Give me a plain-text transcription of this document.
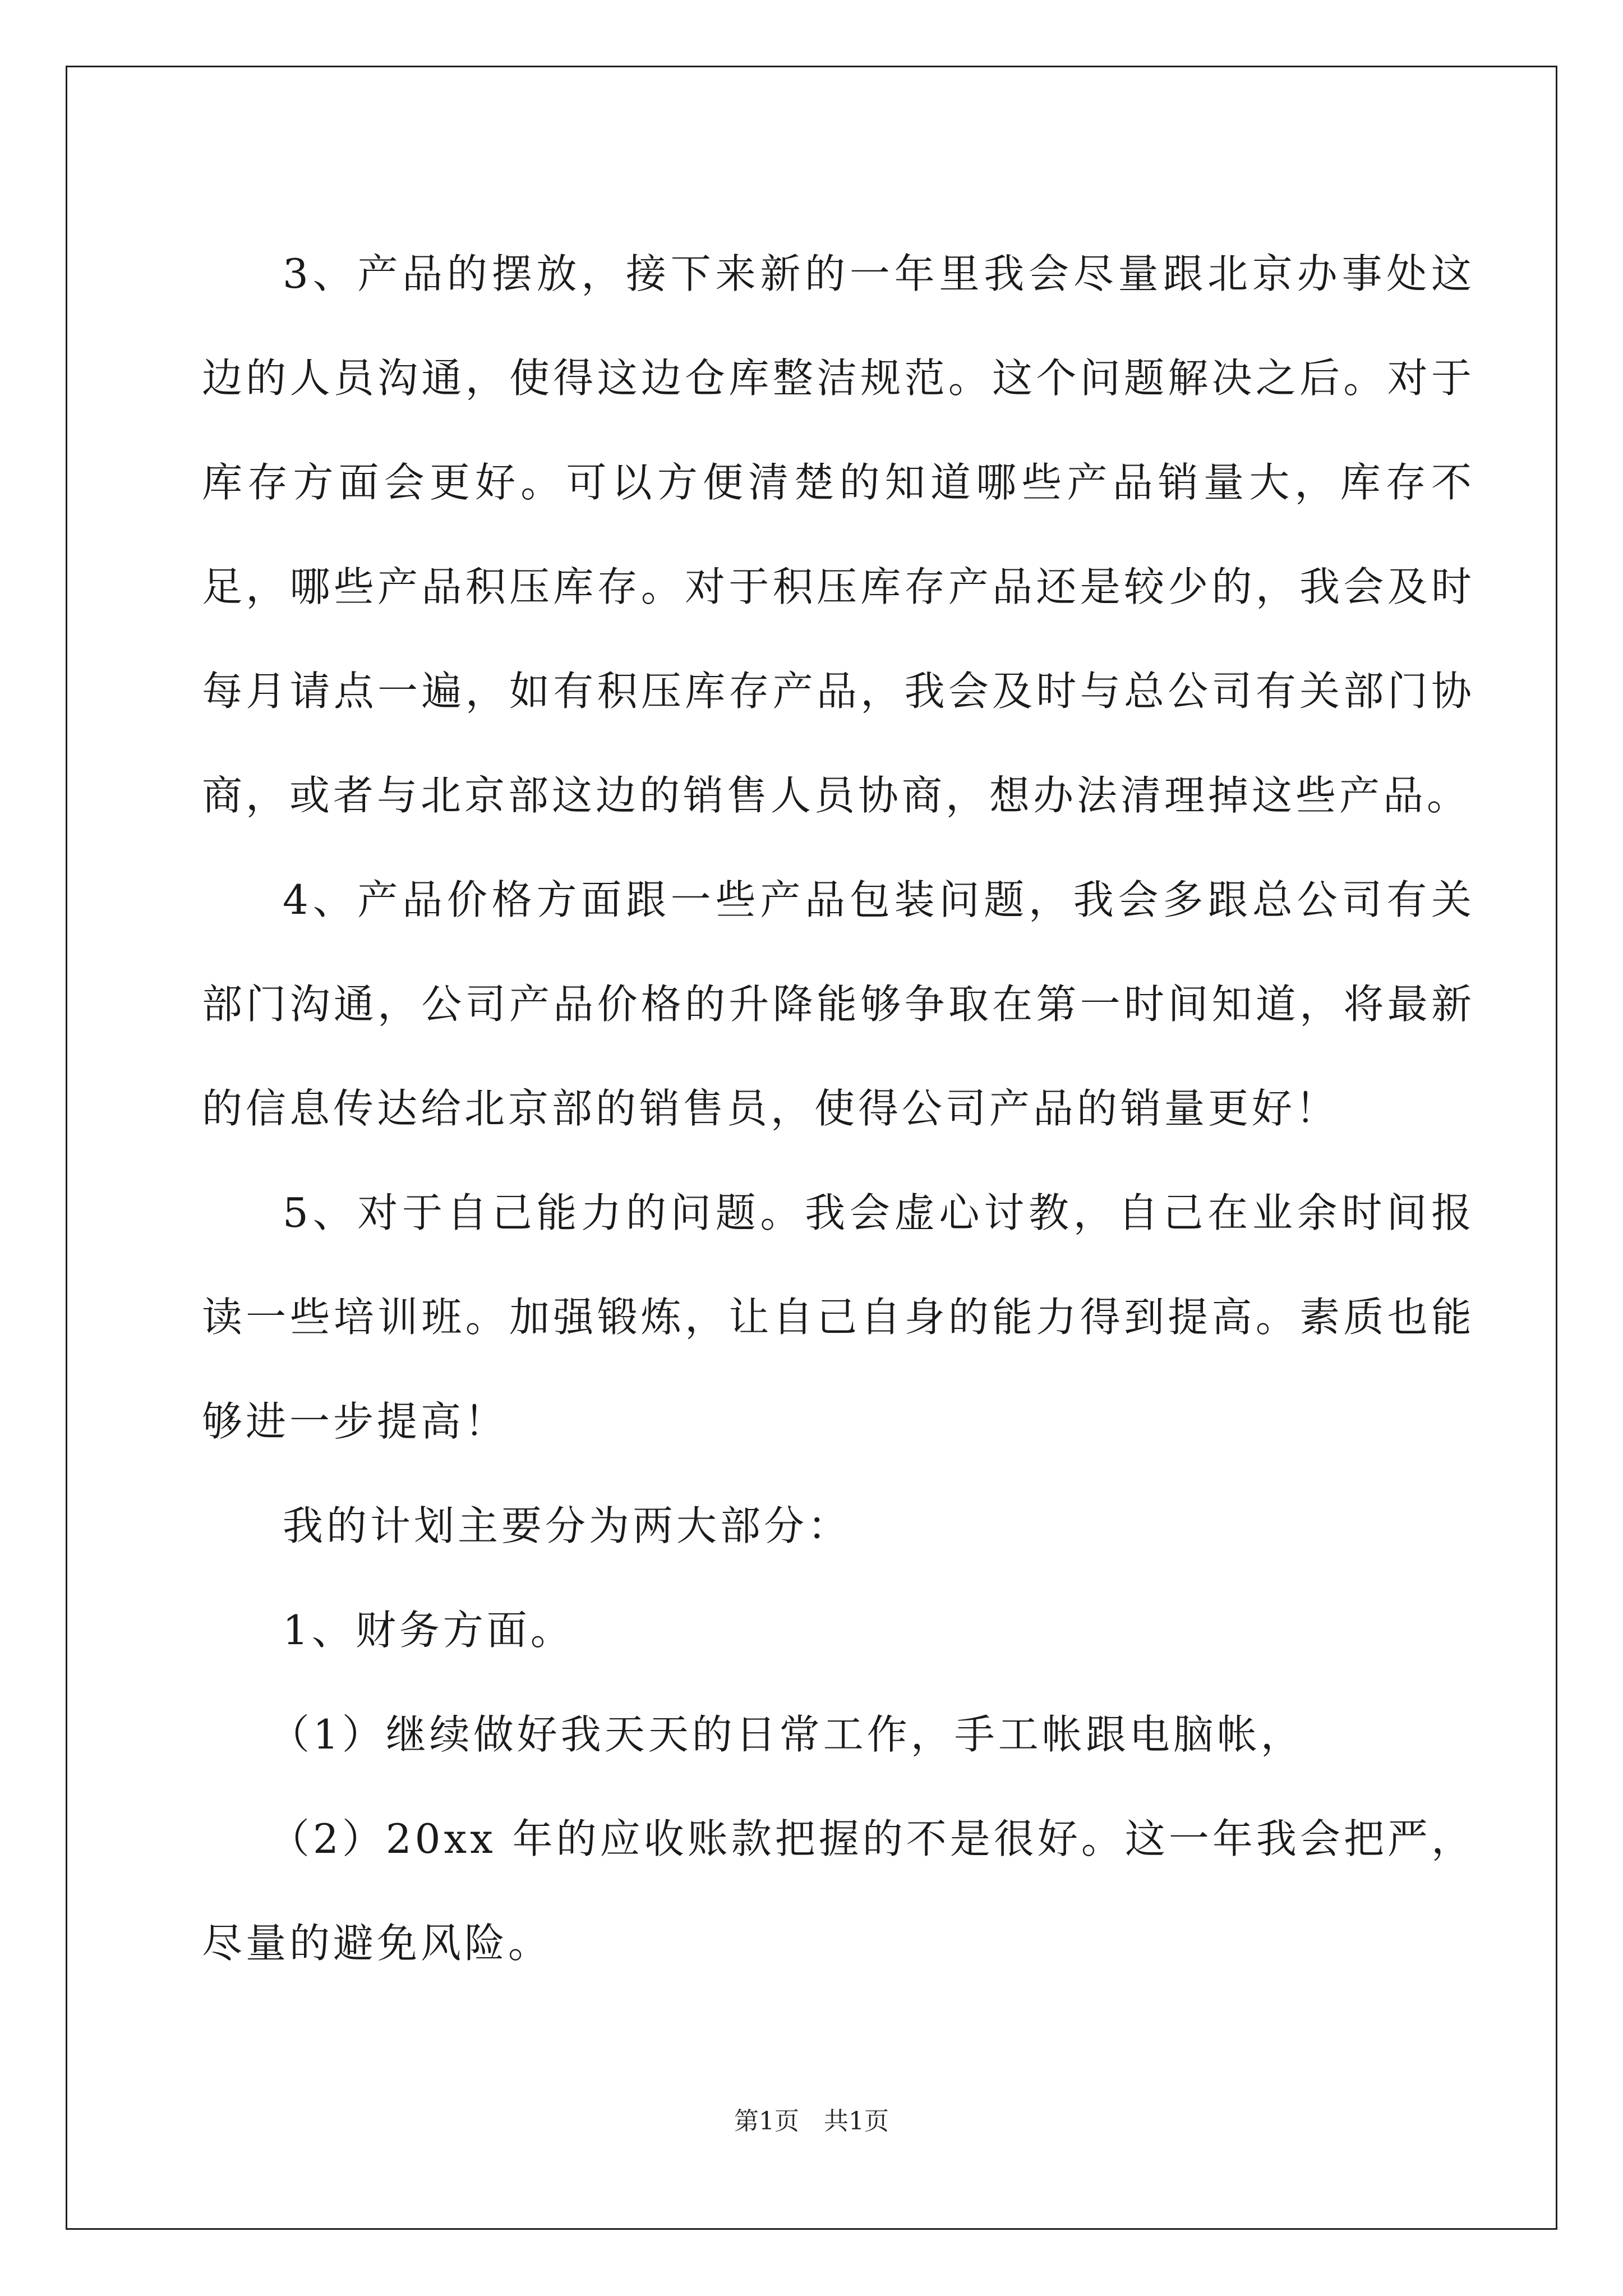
3、产品的摆放，接下来新的一年里我会尽量跟北京办事处这边的人员沟通，使得这边仓库整洁规范。这个问题解决之后。对于库存方面会更好。可以方便清楚的知道哪些产品销量大，库存不足，哪些产品积压库存。对于积压库存产品还是较少的，我会及时每月请点一遍，如有积压库存产品，我会及时与总公司有关部门协商，或者与北京部这边的销售人员协商，想办法清理掉这些产品。

4、产品价格方面跟一些产品包装问题，我会多跟总公司有关部门沟通，公司产品价格的升降能够争取在第一时间知道，将最新的信息传达给北京部的销售员，使得公司产品的销量更好！

5、对于自己能力的问题。我会虚心讨教，自己在业余时间报读一些培训班。加强锻炼，让自己自身的能力得到提高。素质也能够进一步提高！

我的计划主要分为两大部分：

1、财务方面。

（1）继续做好我天天的日常工作，手工帐跟电脑帐，

（2）20xx 年的应收账款把握的不是很好。这一年我会把严，尽量的避免风险。

第1页　共1页
